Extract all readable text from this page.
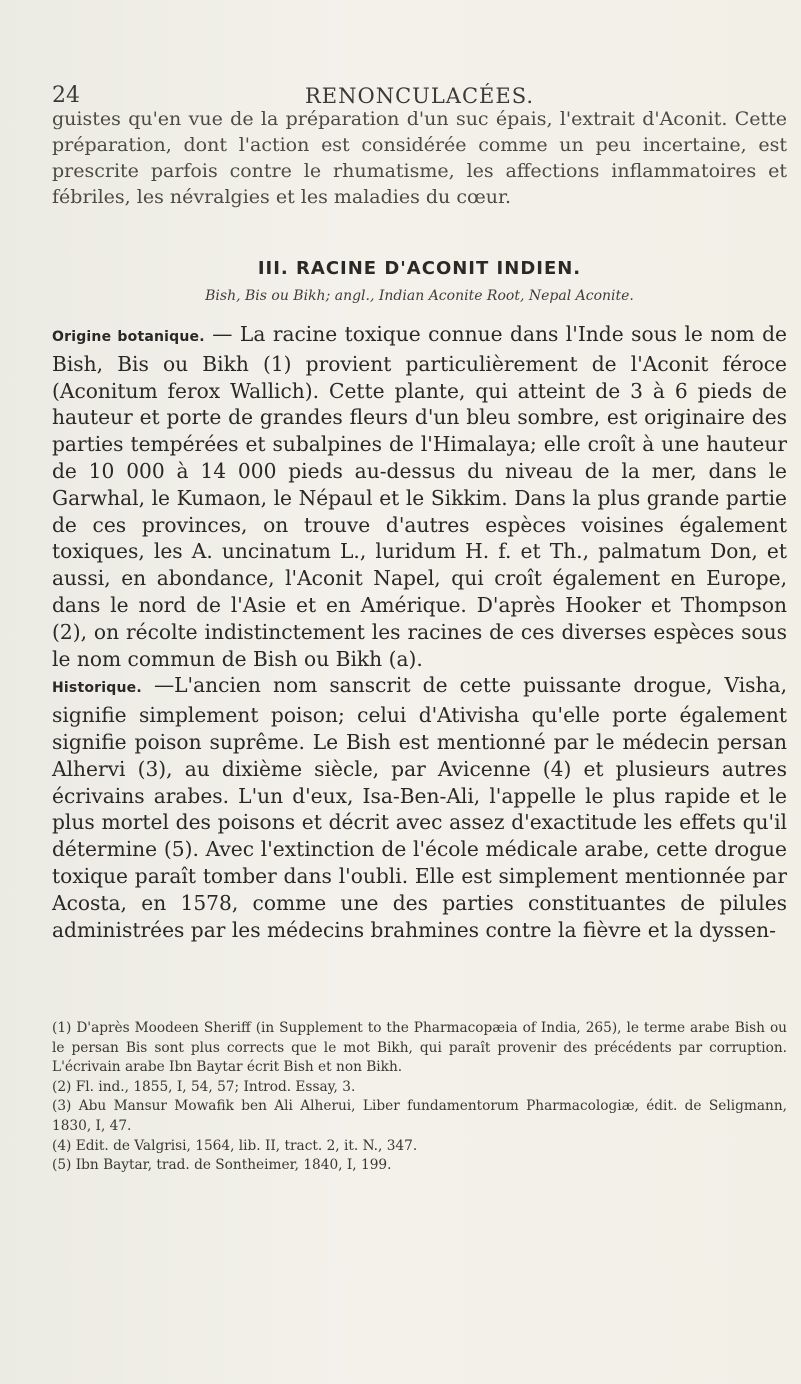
24	RENONCULACÉES.

guistes qu'en vue de la préparation d'un suc épais, l'extrait d'Aconit. Cette préparation, dont l'action est considérée comme un peu incertaine, est prescrite parfois contre le rhumatisme, les affections inflammatoires et fébriles, les névralgies et les maladies du cœur.

III. RACINE D'ACONIT INDIEN.
Bish, Bis ou Bikh; angl., Indian Aconite Root, Nepal Aconite.

Origine botanique. — La racine toxique connue dans l'Inde sous le nom de Bish, Bis ou Bikh (1) provient particulièrement de l'Aconit féroce (Aconitum ferox Wallich). Cette plante, qui atteint de 3 à 6 pieds de hauteur et porte de grandes fleurs d'un bleu sombre, est originaire des parties tempérées et subalpines de l'Himalaya; elle croît à une hauteur de 10 000 à 14 000 pieds au-dessus du niveau de la mer, dans le Garwhal, le Kumaon, le Népaul et le Sikkim. Dans la plus grande partie de ces provinces, on trouve d'autres espèces voisines également toxiques, les A. uncinatum L., luridum H. f. et Th., palmatum Don, et aussi, en abondance, l'Aconit Napel, qui croît également en Europe, dans le nord de l'Asie et en Amérique. D'après Hooker et Thompson (2), on récolte indistinctement les racines de ces diverses espèces sous le nom commun de Bish ou Bikh (a).

Historique. —L'ancien nom sanscrit de cette puissante drogue, Visha, signifie simplement poison; celui d'Ativisha qu'elle porte également signifie poison suprême. Le Bish est mentionné par le médecin persan Alhervi (3), au dixième siècle, par Avicenne (4) et plusieurs autres écrivains arabes. L'un d'eux, Isa-Ben-Ali, l'appelle le plus rapide et le plus mortel des poisons et décrit avec assez d'exactitude les effets qu'il détermine (5). Avec l'extinction de l'école médicale arabe, cette drogue toxique paraît tomber dans l'oubli. Elle est simplement mentionnée par Acosta, en 1578, comme une des parties constituantes de pilules administrées par les médecins brahmines contre la fièvre et la dyssen-

(1) D'après Moodeen Sheriff (in Supplement to the Pharmacopæia of India, 265), le terme arabe Bish ou le persan Bis sont plus corrects que le mot Bikh, qui paraît provenir des précédents par corruption. L'écrivain arabe Ibn Baytar écrit Bish et non Bikh.

(2) Fl. ind., 1855, I, 54, 57; Introd. Essay, 3.

(3) Abu Mansur Mowafik ben Ali Alherui, Liber fundamentorum Pharmacologiæ, édit. de Seligmann, 1830, I, 47.

(4) Edit. de Valgrisi, 1564, lib. II, tract. 2, it. N., 347.

(5) Ibn Baytar, trad. de Sontheimer, 1840, I, 199.
